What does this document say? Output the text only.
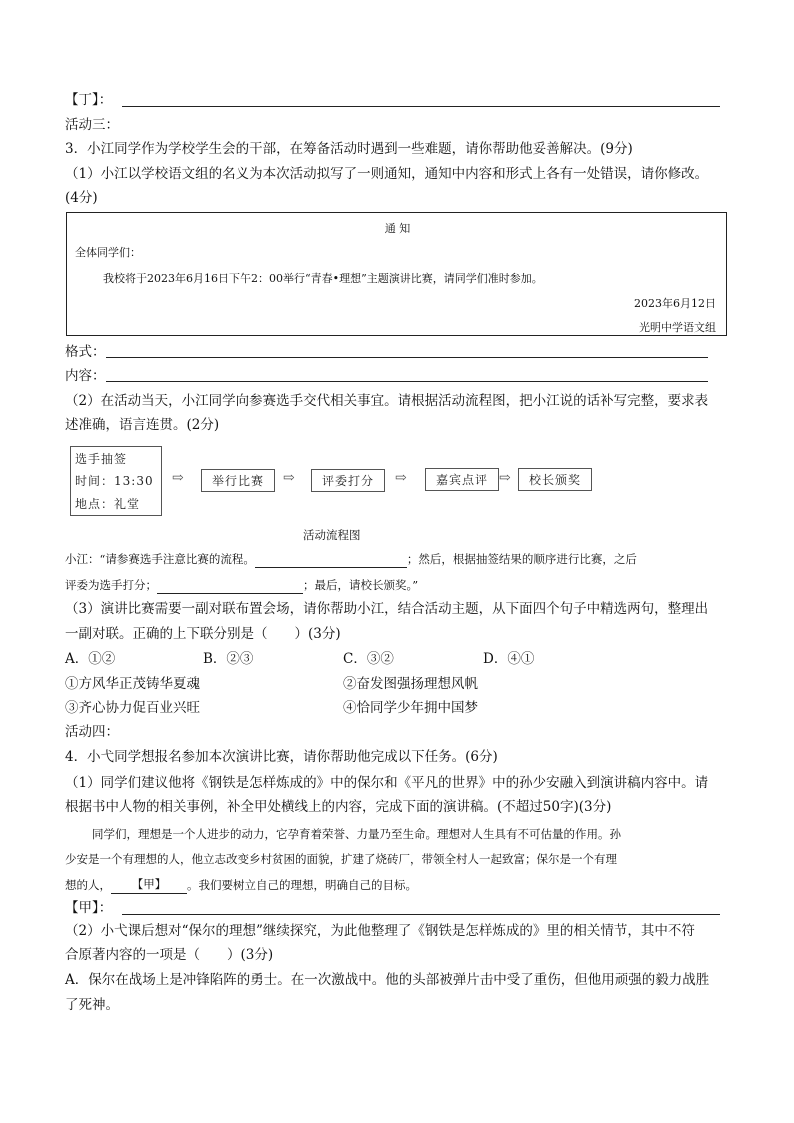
【丁】：
活动三：
3．小江同学作为学校学生会的干部，在筹备活动时遇到一些难题，请你帮助他妥善解决。(9分)
（1）小江以学校语文组的名义为本次活动拟写了一则通知，通知中内容和形式上各有一处错误，请你修改。
(4分)
通 知
全体同学们：
我校将于2023年6月16日下午2：00举行“青春•理想”主题演讲比赛，请同学们准时参加。
2023年6月12日
光明中学语文组
格式：
内容：
（2）在活动当天，小江同学向参赛选手交代相关事宜。请根据活动流程图，把小江说的话补写完整，要求表
述准确，语言连贯。(2分)
选手抽签
时间：13:30
地点：礼堂
⇨	举行比赛	⇨	评委打分	⇨	嘉宾点评 ⇨	校长颁奖
活动流程图
小江：“请参赛选手注意比赛的流程。	；然后，根据抽签结果的顺序进行比赛，之后
评委为选手打分；	；最后，请校长颁奖。”
（3）演讲比赛需要一副对联布置会场，请你帮助小江，结合活动主题，从下面四个句子中精选两句，整理出
一副对联。正确的上下联分别是（　　）(3分)
A．①②	B．②③	C．③②	D．④①
①方风华正茂铸华夏魂	②奋发图强扬理想风帆
③齐心协力促百业兴旺	④恰同学少年拥中国梦
活动四：
4．小弋同学想报名参加本次演讲比赛，请你帮助他完成以下任务。(6分)
（1）同学们建议他将《钢铁是怎样炼成的》中的保尔和《平凡的世界》中的孙少安融入到演讲稿内容中。请
根据书中人物的相关事例，补全甲处横线上的内容，完成下面的演讲稿。(不超过50字)(3分)
同学们，理想是一个人进步的动力，它孕育着荣誉、力量乃至生命。理想对人生具有不可估量的作用。孙
少安是一个有理想的人，他立志改变乡村贫困的面貌，扩建了烧砖厂，带领全村人一起致富；保尔是一个有理
想的人， 【甲】 。我们要树立自己的理想，明确自己的目标。
【甲】：
（2）小弋课后想对“保尔的理想”继续探究，为此他整理了《钢铁是怎样炼成的》里的相关情节，其中不符
合原著内容的一项是（　　）(3分)
A．保尔在战场上是冲锋陷阵的勇士。在一次激战中。他的头部被弹片击中受了重伤，但他用顽强的毅力战胜
了死神。
